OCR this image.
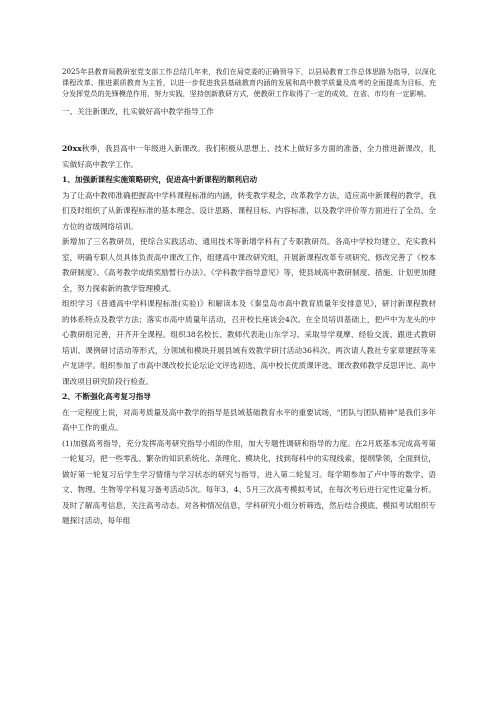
2025年县教育局教研室党支部工作总结几年来，我们在局党委的正确领导下，以县局教育工作总体思路为指导，以深化课程改革、推进素质教育为主旨，以进一步促进我县基础教育内涵的发展和高中教学质量及高考的全面提高为目标，充分发挥党员的先锋模范作用，努力实践，坚持创新教研方式，使教研工作取得了一定的成效，在省、市均有一定影响。

一、关注新课改，扎实做好高中教学指导工作

20xx秋季，我县高中一年级进入新课改。我们积极从思想上、技术上做好多方面的准备，全力推进新课改，扎实做好高中教学工作。

1、加强新课程实施策略研究，促进高中新课程的顺利启动

为了让高中教师准确把握高中学科课程标准的内涵，转变教学观念，改革教学方法，适应高中新课程的教学，我们及时组织了从新课程标准的基本理念、设计思路、课程目标、内容标准，以及教学评价等方面进行了全员、全方位的省级网络培训。

新增加了三名教研员，使综合实践活动、通用技术等新增学科有了专职教研员。各高中学校均建立、充实教科室，明确专职人员具体负责高中课改工作，组建高中课改研究组，开展新课程改革专项研究、修改完善了《校本教研制度》、《高考教学成绩奖励暂行办法》、《学科教学指导意见》等，使县域高中教研制度、措施、计划更加健全，努力探索新的教学管理模式。

组织学习《普通高中学科课程标准(实验)》和解读本及《秦皇岛市高中教育质量年安排意见》，研讨新课程教材的体系特点及教学方法；落实市高中质量年活动，召开校长座谈会4次。在全员培训基础上，把卢中为龙头的中心教研组完善，开齐开全课程。组织38名校长、教师代表赴山东学习。采取导学观摩、经验交流、跟进式教研培训、课例研讨活动等形式，分领域和模块开展县域有效教学研讨活动36科次。两次请人教社专家章建跃等来卢龙讲学。组织参加了市高中课改校长论坛论文评选初选、高中校长优质课评选、课改教师教学反思评比、高中课改项目研究阶段行检查。

2、不断强化高考复习指导

在一定程度上说，对高考质量及高中教学的指导是县域基础教育水平的重要试场，“团队与团队精神”是我们多年高中工作的重点。

(1)加强高考指导，充分发挥高考研究指导小组的作用，加大专题性调研和指导的力度。在2月底基本完成高考第一轮复习，把一些零乱、繁杂的知识系统化、条理化、模块化，找到每科中的实现线索，提纲挚领，全面到位，做好第一轮复习后学生学习情绪与学习状态的研究与指导，进入第二轮复习。每学期参加了卢中等的数学、语文、物理、生物等学科复习备考活动5次。每年3、4、5月三次高考模拟考试，在每次考后进行定性定量分析。及时了解高考信息，关注高考动态。对各种情况信息，学科研究小组分析筛选，然后结合摸底、模拟考试组织专题探讨活动，每年组
